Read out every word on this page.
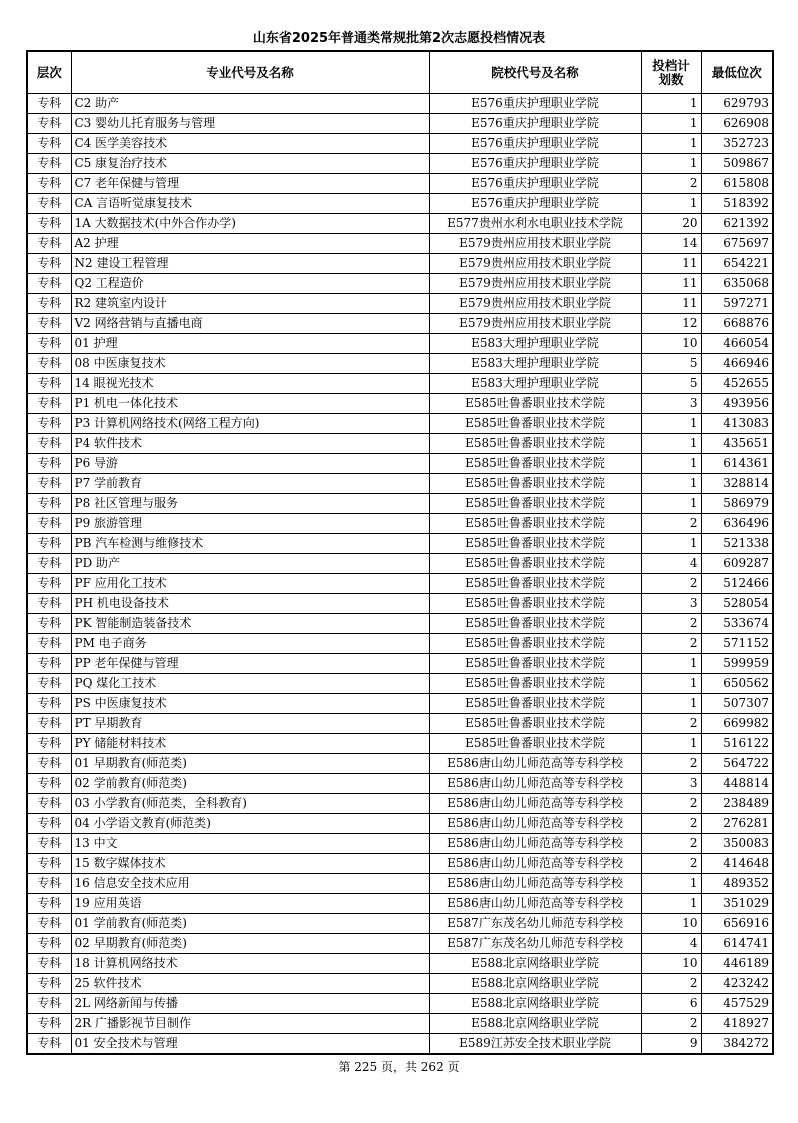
山东省2025年普通类常规批第2次志愿投档情况表
层次	专业代号及名称	院校代号及名称	投档计划数	最低位次
专科	C2 助产	E576重庆护理职业学院	1	629793
专科	C3 婴幼儿托育服务与管理	E576重庆护理职业学院	1	626908
专科	C4 医学美容技术	E576重庆护理职业学院	1	352723
专科	C5 康复治疗技术	E576重庆护理职业学院	1	509867
专科	C7 老年保健与管理	E576重庆护理职业学院	2	615808
专科	CA 言语听觉康复技术	E576重庆护理职业学院	1	518392
专科	1A 大数据技术(中外合作办学)	E577贵州水利水电职业技术学院	20	621392
专科	A2 护理	E579贵州应用技术职业学院	14	675697
专科	N2 建设工程管理	E579贵州应用技术职业学院	11	654221
专科	Q2 工程造价	E579贵州应用技术职业学院	11	635068
专科	R2 建筑室内设计	E579贵州应用技术职业学院	11	597271
专科	V2 网络营销与直播电商	E579贵州应用技术职业学院	12	668876
专科	01 护理	E583大理护理职业学院	10	466054
专科	08 中医康复技术	E583大理护理职业学院	5	466946
专科	14 眼视光技术	E583大理护理职业学院	5	452655
专科	P1 机电一体化技术	E585吐鲁番职业技术学院	3	493956
专科	P3 计算机网络技术(网络工程方向)	E585吐鲁番职业技术学院	1	413083
专科	P4 软件技术	E585吐鲁番职业技术学院	1	435651
专科	P6 导游	E585吐鲁番职业技术学院	1	614361
专科	P7 学前教育	E585吐鲁番职业技术学院	1	328814
专科	P8 社区管理与服务	E585吐鲁番职业技术学院	1	586979
专科	P9 旅游管理	E585吐鲁番职业技术学院	2	636496
专科	PB 汽车检测与维修技术	E585吐鲁番职业技术学院	1	521338
专科	PD 助产	E585吐鲁番职业技术学院	4	609287
专科	PF 应用化工技术	E585吐鲁番职业技术学院	2	512466
专科	PH 机电设备技术	E585吐鲁番职业技术学院	3	528054
专科	PK 智能制造装备技术	E585吐鲁番职业技术学院	2	533674
专科	PM 电子商务	E585吐鲁番职业技术学院	2	571152
专科	PP 老年保健与管理	E585吐鲁番职业技术学院	1	599959
专科	PQ 煤化工技术	E585吐鲁番职业技术学院	1	650562
专科	PS 中医康复技术	E585吐鲁番职业技术学院	1	507307
专科	PT 早期教育	E585吐鲁番职业技术学院	2	669982
专科	PY 储能材料技术	E585吐鲁番职业技术学院	1	516122
专科	01 早期教育(师范类)	E586唐山幼儿师范高等专科学校	2	564722
专科	02 学前教育(师范类)	E586唐山幼儿师范高等专科学校	3	448814
专科	03 小学教育(师范类，全科教育)	E586唐山幼儿师范高等专科学校	2	238489
专科	04 小学语文教育(师范类)	E586唐山幼儿师范高等专科学校	2	276281
专科	13 中文	E586唐山幼儿师范高等专科学校	2	350083
专科	15 数字媒体技术	E586唐山幼儿师范高等专科学校	2	414648
专科	16 信息安全技术应用	E586唐山幼儿师范高等专科学校	1	489352
专科	19 应用英语	E586唐山幼儿师范高等专科学校	1	351029
专科	01 学前教育(师范类)	E587广东茂名幼儿师范专科学校	10	656916
专科	02 早期教育(师范类)	E587广东茂名幼儿师范专科学校	4	614741
专科	18 计算机网络技术	E588北京网络职业学院	10	446189
专科	25 软件技术	E588北京网络职业学院	2	423242
专科	2L 网络新闻与传播	E588北京网络职业学院	6	457529
专科	2R 广播影视节目制作	E588北京网络职业学院	2	418927
专科	01 安全技术与管理	E589江苏安全技术职业学院	9	384272
第 225 页，共 262 页
